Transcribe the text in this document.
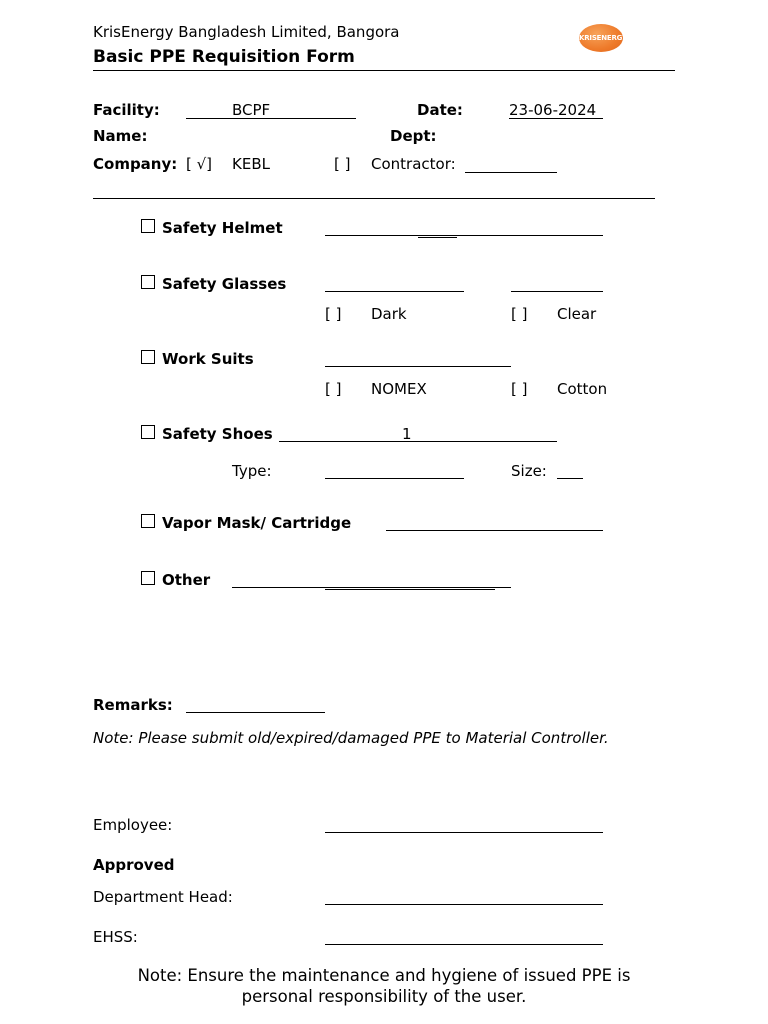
KrisEnergy Bangladesh Limited, Bangora
Basic PPE Requisition Form
KRISENERGY
Facility:	BCPF	Date:	23-06-2024
Name:	Dept:
Company: [ √] KEBL	[ ] Contractor:
Safety Helmet
Safety Glasses
[ ] Dark	[ ] Clear
Work Suits
[ ] NOMEX	[ ] Cotton
Safety Shoes	1
Type:	Size:
Vapor Mask/ Cartridge
Other
Remarks:
Note: Please submit old/expired/damaged PPE to Material Controller.
Employee:
Approved
Department Head:
EHSS:
Note: Ensure the maintenance and hygiene of issued PPE is
personal responsibility of the user.
